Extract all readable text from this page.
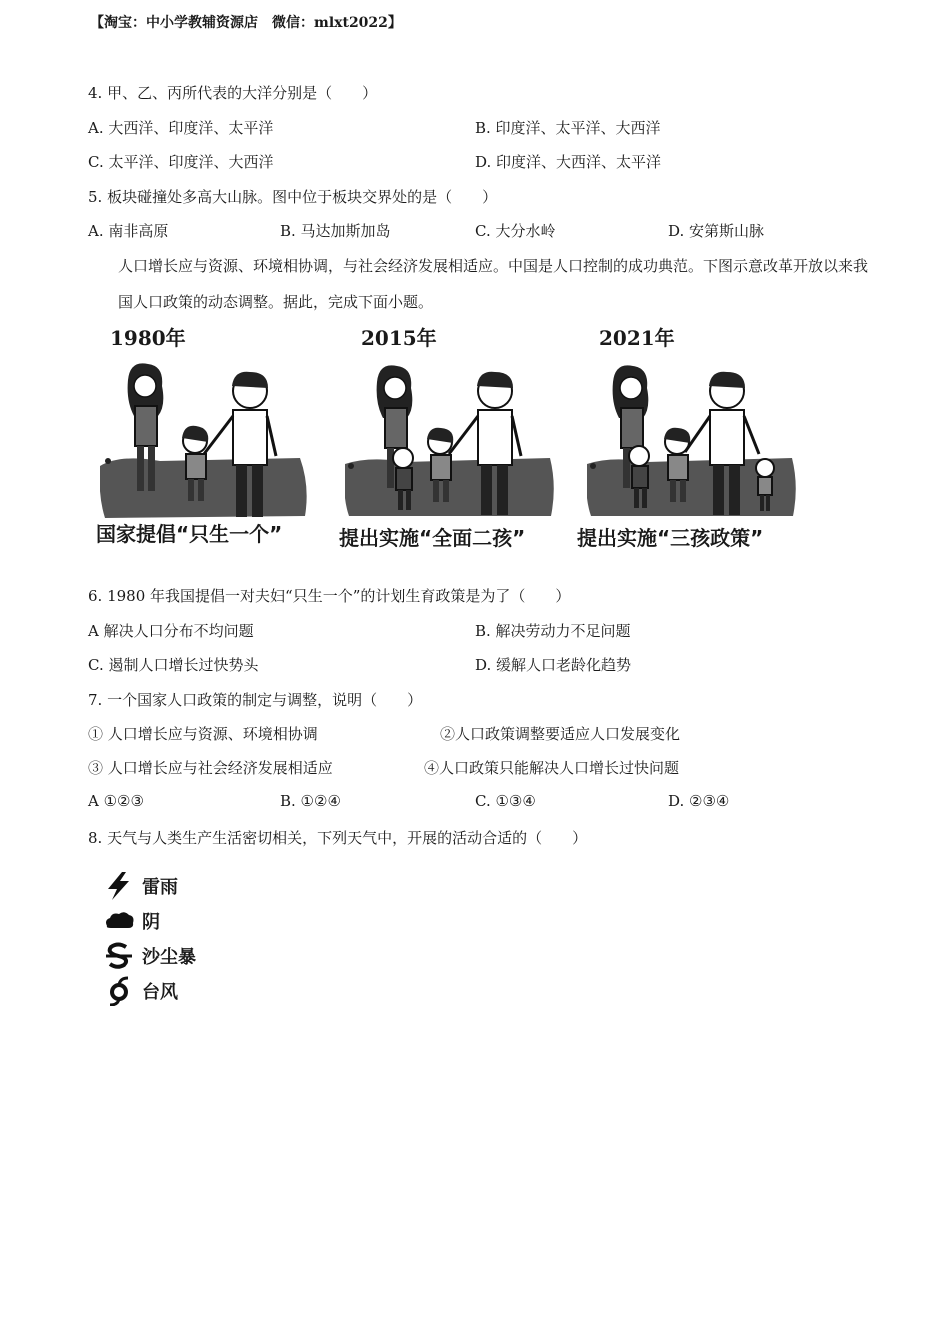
【淘宝：中小学教辅资源店　微信：mlxt2022】
4. 甲、乙、丙所代表的大洋分别是（　　）
A. 大西洋、印度洋、太平洋	B. 印度洋、太平洋、大西洋
C. 太平洋、印度洋、大西洋	D. 印度洋、大西洋、太平洋
5. 板块碰撞处多高大山脉。图中位于板块交界处的是（　　）
A. 南非高原	B. 马达加斯加岛	C. 大分水岭	D. 安第斯山脉
人口增长应与资源、环境相协调，与社会经济发展相适应。中国是人口控制的成功典范。下图示意改革开放以来我国人口政策的动态调整。据此，完成下面小题。
1980年
国家提倡“只生一个”
2015年
提出实施“全面二孩”
2021年
提出实施“三孩政策”
6. 1980 年我国提倡一对夫妇“只生一个”的计划生育政策是为了（　　）
A 解决人口分布不均问题	B. 解决劳动力不足问题
C. 遏制人口增长过快势头	D. 缓解人口老龄化趋势
7. 一个国家人口政策的制定与调整，说明（　　）
① 人口增长应与资源、环境相协调	②人口政策调整要适应人口发展变化
③ 人口增长应与社会经济发展相适应	④人口政策只能解决人口增长过快问题
A ①②③	B. ①②④	C. ①③④	D. ②③④
8. 天气与人类生产生活密切相关，下列天气中，开展的活动合适的（　　）
雷雨
阴
沙尘暴
台风
